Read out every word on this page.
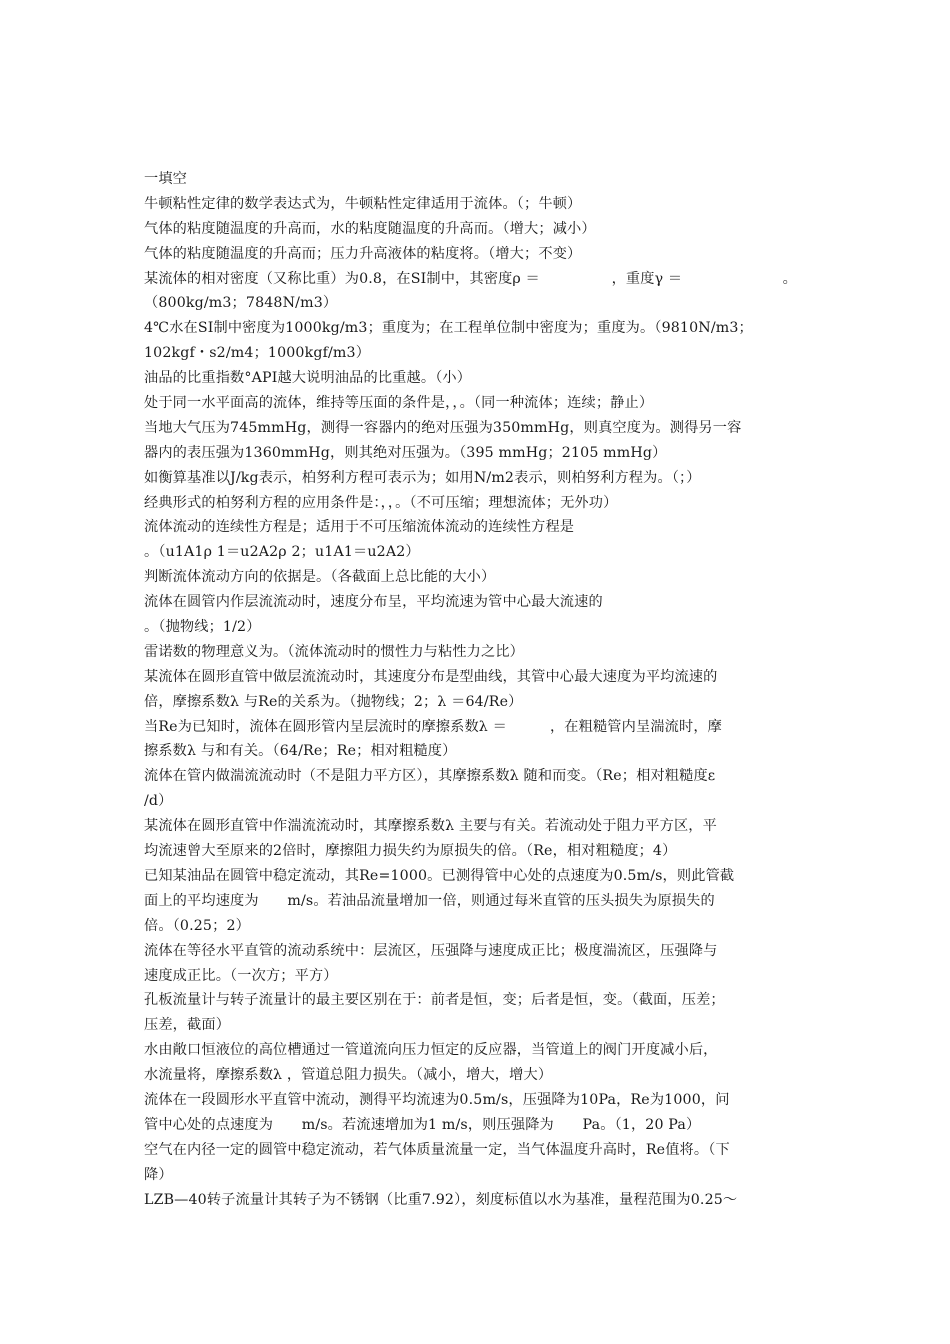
一填空
牛顿粘性定律的数学表达式为，牛顿粘性定律适用于流体。（；牛顿）
气体的粘度随温度的升高而，水的粘度随温度的升高而。（增大；减小）
气体的粘度随温度的升高而；压力升高液体的粘度将。（增大；不变）
某流体的相对密度（又称比重）为0.8，在SI制中，其密度ρ ＝　　　　　，重度γ ＝　　　　　　　。
（800kg/m3；7848N/m3）
4℃水在SI制中密度为1000kg/m3；重度为；在工程单位制中密度为；重度为。（9810N/m3；
102kgf・s2/m4；1000kgf/m3）
油品的比重指数°API越大说明油品的比重越。（小）
处于同一水平面高的流体，维持等压面的条件是，，。（同一种流体；连续；静止）
当地大气压为745mmHg，测得一容器内的绝对压强为350mmHg，则真空度为。测得另一容
器内的表压强为1360mmHg，则其绝对压强为。（395 mmHg；2105 mmHg）
如衡算基准以J/kg表示，柏努利方程可表示为；如用N/m2表示，则柏努利方程为。（；）
经典形式的柏努利方程的应用条件是：，，。（不可压缩；理想流体；无外功）
流体流动的连续性方程是；适用于不可压缩流体流动的连续性方程是
。（u1A1ρ 1＝u2A2ρ 2；u1A1＝u2A2）
判断流体流动方向的依据是。（各截面上总比能的大小）
流体在圆管内作层流流动时，速度分布呈，平均流速为管中心最大流速的
。（抛物线；1/2）
雷诺数的物理意义为。（流体流动时的惯性力与粘性力之比）
某流体在圆形直管中做层流流动时，其速度分布是型曲线，其管中心最大速度为平均流速的
倍，摩擦系数λ 与Re的关系为。（抛物线；2；λ ＝64/Re）
当Re为已知时，流体在圆形管内呈层流时的摩擦系数λ ＝　　　，在粗糙管内呈湍流时，摩
擦系数λ 与和有关。（64/Re；Re；相对粗糙度）
流体在管内做湍流流动时（不是阻力平方区），其摩擦系数λ 随和而变。（Re；相对粗糙度ε
/d）
某流体在圆形直管中作湍流流动时，其摩擦系数λ 主要与有关。若流动处于阻力平方区，平
均流速曾大至原来的2倍时，摩擦阻力损失约为原损失的倍。（Re，相对粗糙度；4）
已知某油品在圆管中稳定流动，其Re=1000。已测得管中心处的点速度为0.5m/s，则此管截
面上的平均速度为　　m/s。若油品流量增加一倍，则通过每米直管的压头损失为原损失的
倍。（0.25；2）
流体在等径水平直管的流动系统中：层流区，压强降与速度成正比；极度湍流区，压强降与
速度成正比。（一次方；平方）
孔板流量计与转子流量计的最主要区别在于：前者是恒，变；后者是恒，变。（截面，压差；
压差，截面）
水由敞口恒液位的高位槽通过一管道流向压力恒定的反应器，当管道上的阀门开度减小后，
水流量将，摩擦系数λ ，管道总阻力损失。（减小，增大，增大）
流体在一段圆形水平直管中流动，测得平均流速为0.5m/s，压强降为10Pa，Re为1000，问
管中心处的点速度为　　m/s。若流速增加为1 m/s，则压强降为　　Pa。（1，20 Pa）
空气在内径一定的圆管中稳定流动，若气体质量流量一定，当气体温度升高时，Re值将。（下
降）
LZB—40转子流量计其转子为不锈钢（比重7.92），刻度标值以水为基准，量程范围为0.25～
